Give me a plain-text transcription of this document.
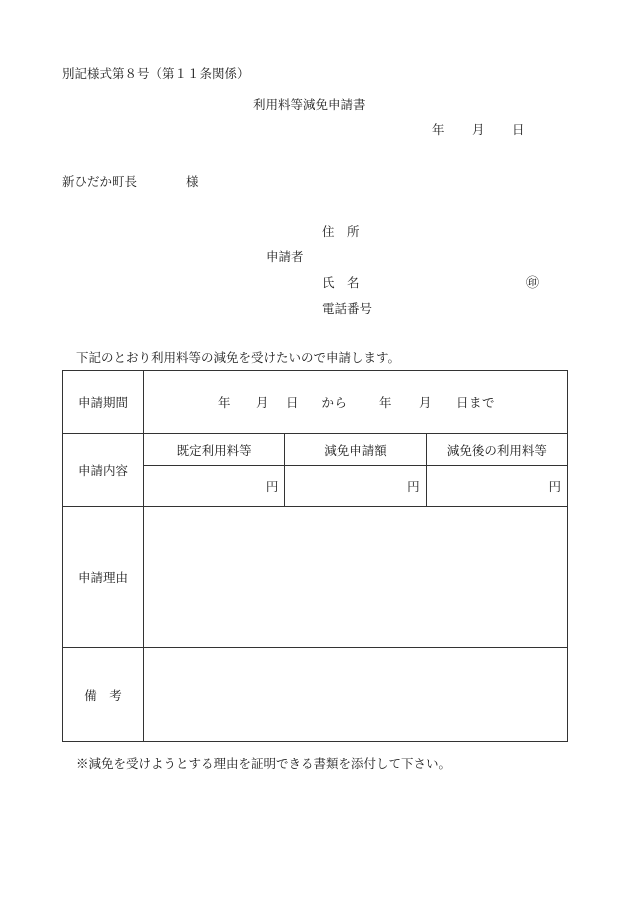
別記様式第８号（第１１条関係）
利用料等減免申請書
年 月 日
新ひだか町長	様
住　所
申請者
氏　名	㊞
電話番号
下記のとおり利用料等の減免を受けたいので申請します。
申請期間	年 月 日 から 年 月 日まで		
申請内容	既定利用料等	減免申請額	減免後の利用料等
	円	円	円
申請理由			
備　考			
※減免を受けようとする理由を証明できる書類を添付して下さい。
